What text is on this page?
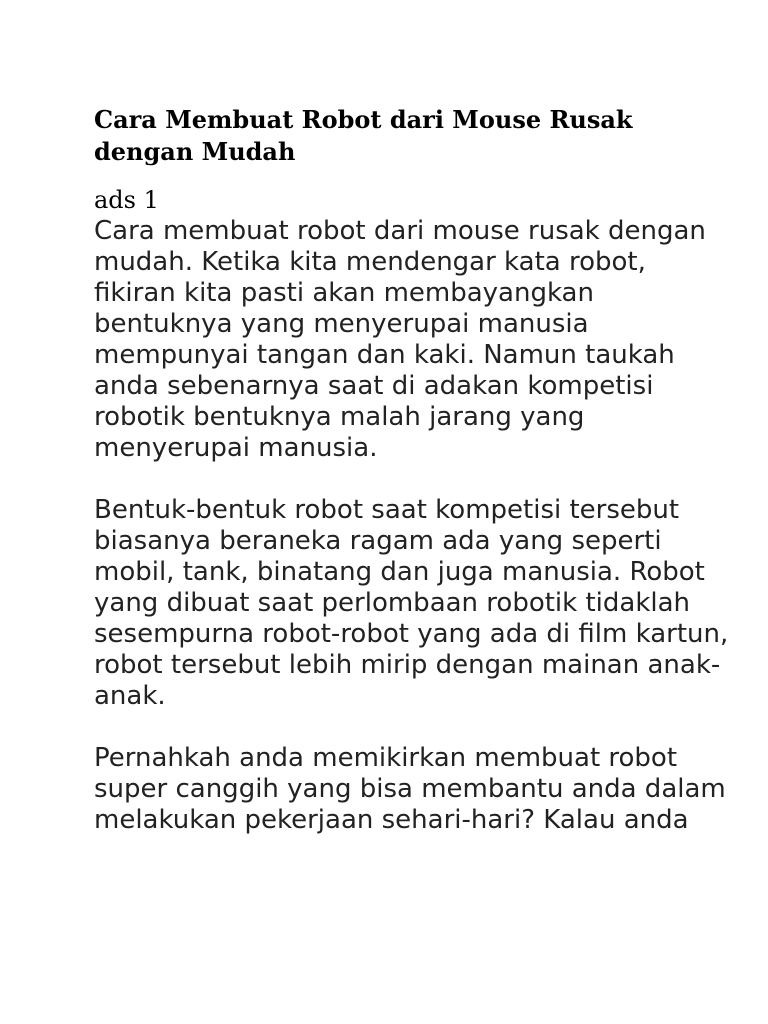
Cara Membuat Robot dari Mouse Rusak dengan Mudah
ads 1

Cara membuat robot dari mouse rusak dengan mudah. Ketika kita mendengar kata robot, fikiran kita pasti akan membayangkan bentuknya yang menyerupai manusia mempunyai tangan dan kaki. Namun taukah anda sebenarnya saat di adakan kompetisi robotik bentuknya malah jarang yang menyerupai manusia.

Bentuk-bentuk robot saat kompetisi tersebut biasanya beraneka ragam ada yang seperti mobil, tank, binatang dan juga manusia. Robot yang dibuat saat perlombaan robotik tidaklah sesempurna robot-robot yang ada di film kartun, robot tersebut lebih mirip dengan mainan anak-anak.

Pernahkah anda memikirkan membuat robot super canggih yang bisa membantu anda dalam melakukan pekerjaan sehari-hari? Kalau anda
